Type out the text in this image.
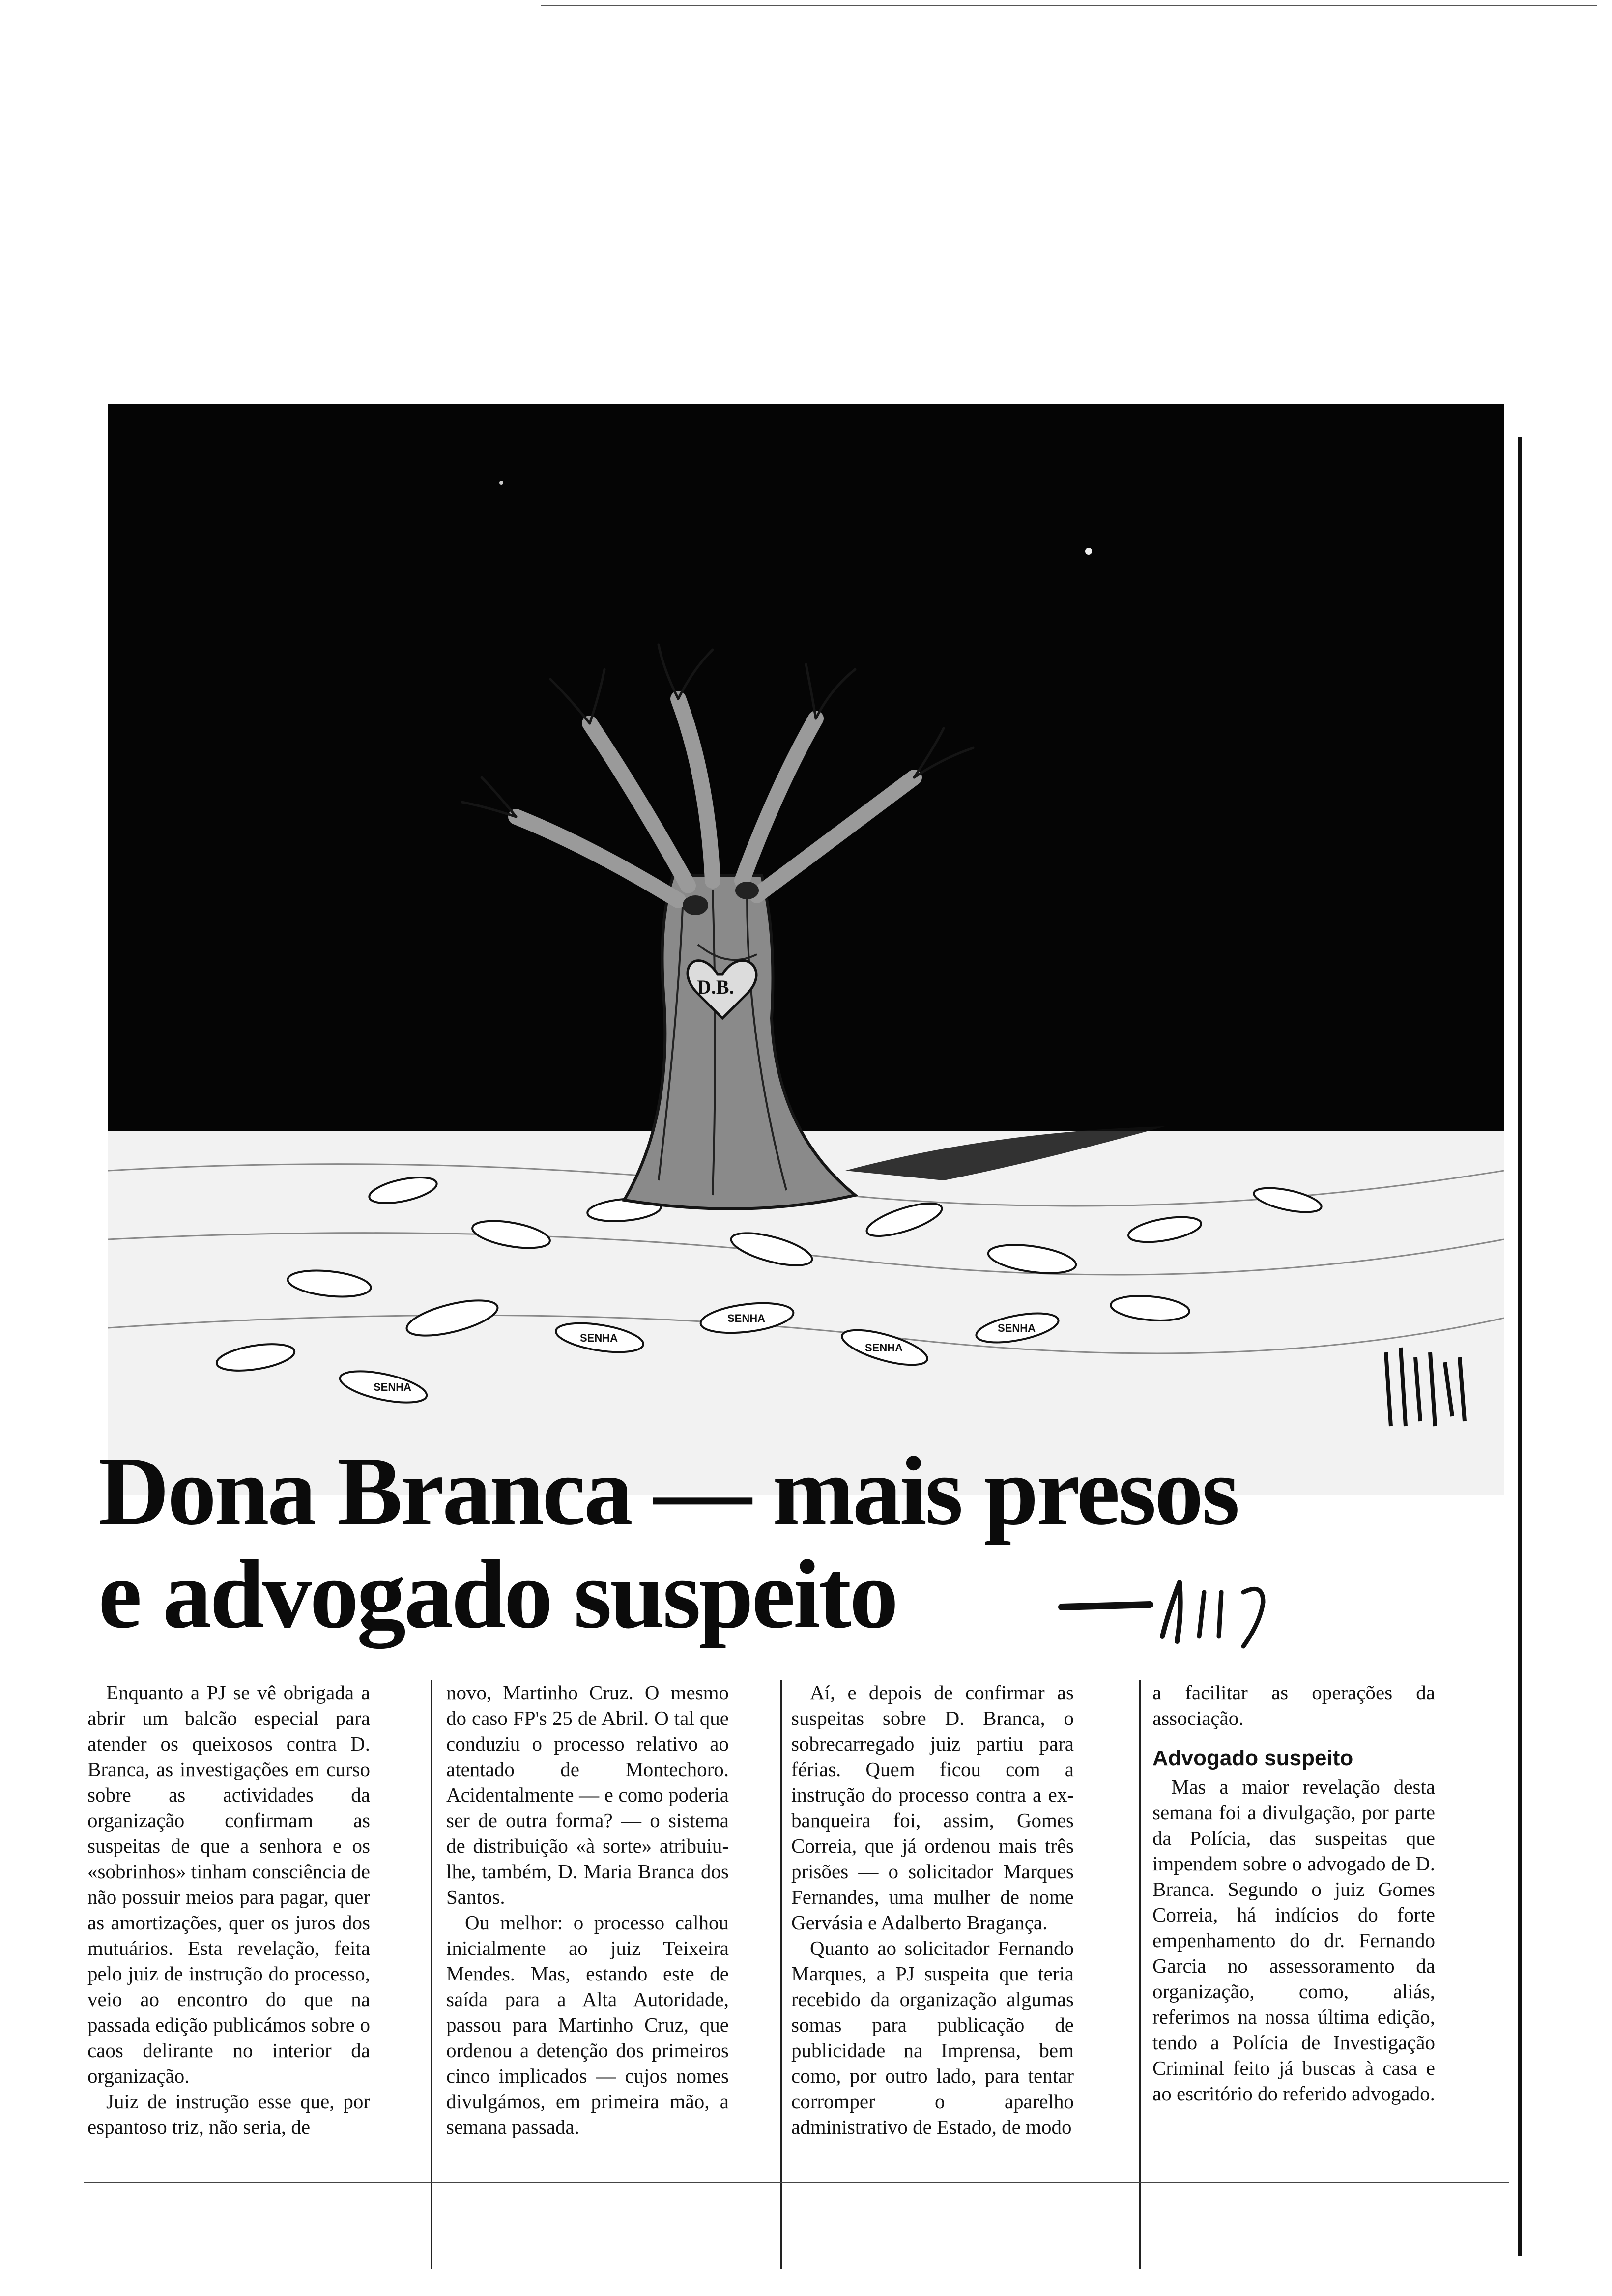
SENHA
SENHA
SENHA
SENHA
SENHA
D.B.
Dona Branca — mais presos
e advogado suspeito

Enquanto a PJ se vê obrigada a abrir um balcão especial para atender os queixosos contra D. Branca, as investigações em curso sobre as actividades da organização confirmam as suspeitas de que a senhora e os «sobrinhos» tinham consciência de não possuir meios para pagar, quer as amortizações, quer os juros dos mutuários. Esta revelação, feita pelo juiz de instrução do processo, veio ao encontro do que na passada edição publicámos sobre o caos delirante no interior da organização.

Juiz de instrução esse que, por espantoso triz, não seria, de

novo, Martinho Cruz. O mesmo do caso FP's 25 de Abril. O tal que conduziu o processo relativo ao atentado de Montechoro. Acidentalmente — e como poderia ser de outra forma? — o sistema de distribuição «à sorte» atribuiu-lhe, também, D. Maria Branca dos Santos.

Ou melhor: o processo calhou inicialmente ao juiz Teixeira Mendes. Mas, estando este de saída para a Alta Autoridade, passou para Martinho Cruz, que ordenou a detenção dos primeiros cinco implicados — cujos nomes divulgámos, em primeira mão, a semana passada.

Aí, e depois de confirmar as suspeitas sobre D. Branca, o sobrecarregado juiz partiu para férias. Quem ficou com a instrução do processo contra a ex-banqueira foi, assim, Gomes Correia, que já ordenou mais três prisões — o solicitador Marques Fernandes, uma mulher de nome Gervásia e Adalberto Bragança.

Quanto ao solicitador Fernando Marques, a PJ suspeita que teria recebido da organização algumas somas para publicação de publicidade na Imprensa, bem como, por outro lado, para tentar corromper o aparelho administrativo de Estado, de modo

a facilitar as operações da associação.

Advogado suspeito

Mas a maior revelação desta semana foi a divulgação, por parte da Polícia, das suspeitas que impendem sobre o advogado de D. Branca. Segundo o juiz Gomes Correia, há indícios do forte empenhamento do dr. Fernando Garcia no assessoramento da organização, como, aliás, referimos na nossa última edição, tendo a Polícia de Investigação Criminal feito já buscas à casa e ao escritório do referido advogado.
